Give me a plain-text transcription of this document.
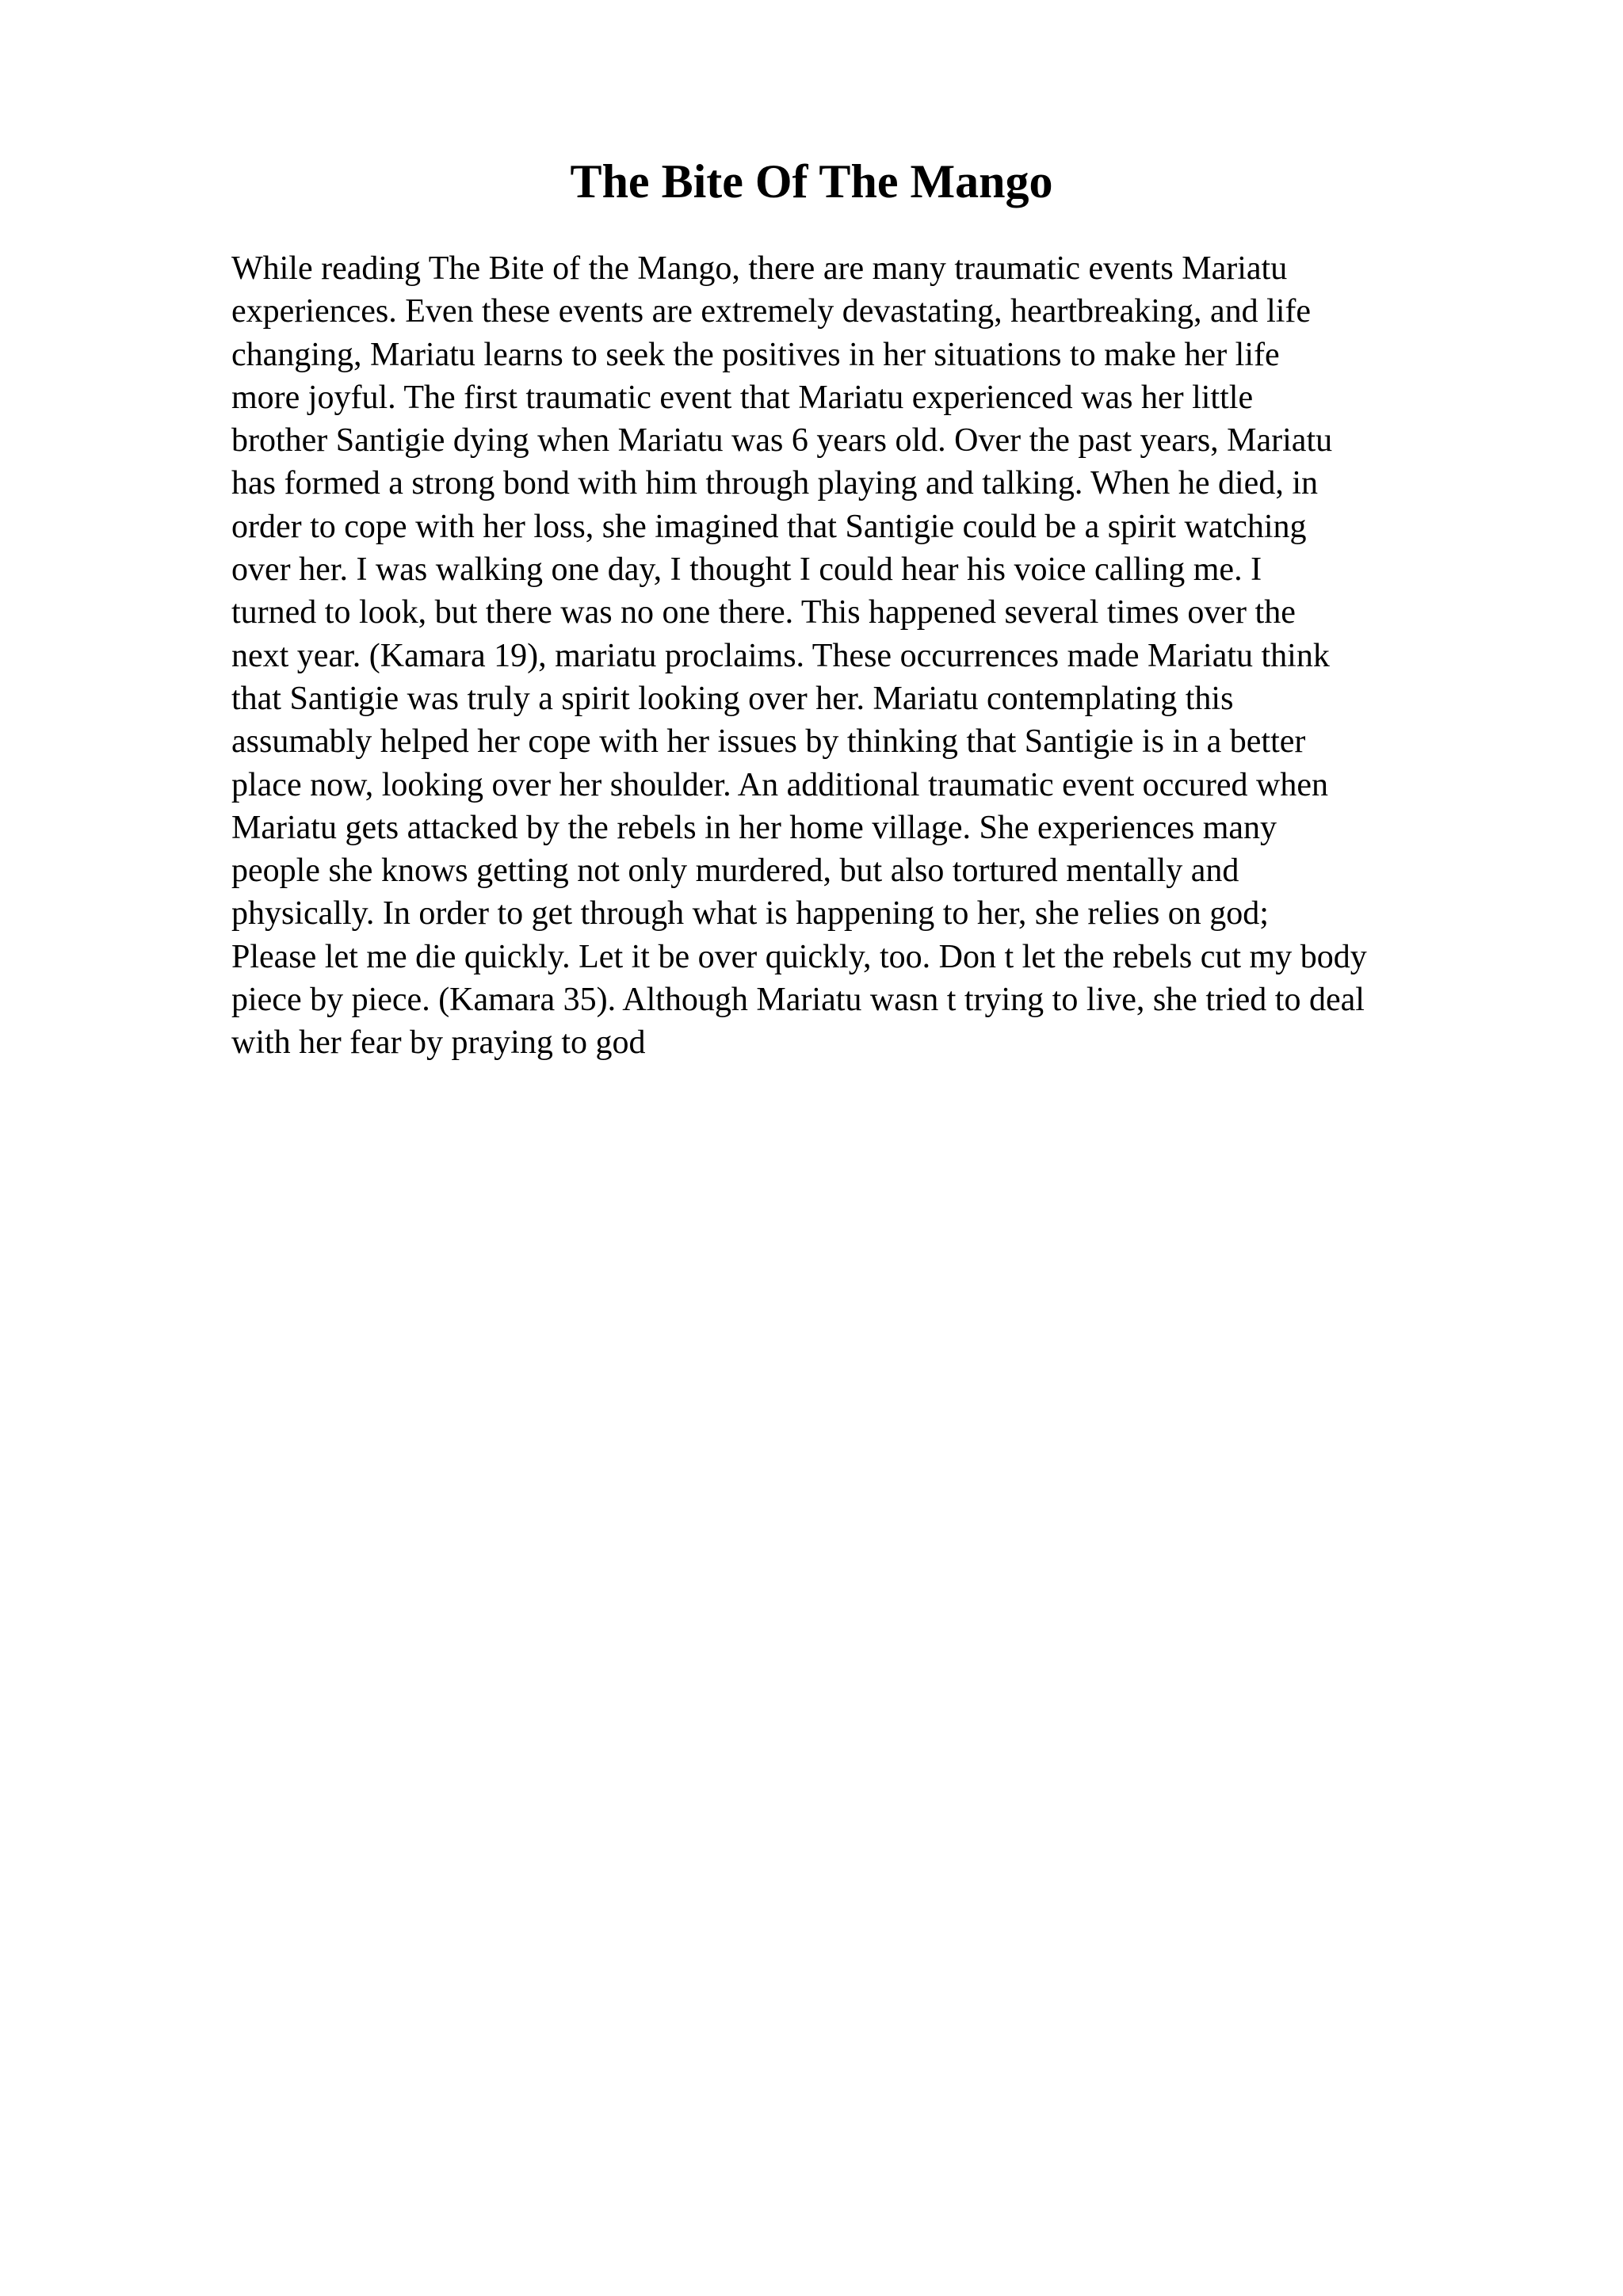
The Bite Of The Mango

While reading The Bite of the Mango, there are many traumatic events Mariatu
experiences. Even these events are extremely devastating, heartbreaking, and life
changing, Mariatu learns to seek the positives in her situations to make her life
more joyful. The first traumatic event that Mariatu experienced was her little
brother Santigie dying when Mariatu was 6 years old. Over the past years, Mariatu
has formed a strong bond with him through playing and talking. When he died, in
order to cope with her loss, she imagined that Santigie could be a spirit watching
over her. I was walking one day, I thought I could hear his voice calling me. I
turned to look, but there was no one there. This happened several times over the
next year. (Kamara 19), mariatu proclaims. These occurrences made Mariatu think
that Santigie was truly a spirit looking over her. Mariatu contemplating this
assumably helped her cope with her issues by thinking that Santigie is in a better
place now, looking over her shoulder. An additional traumatic event occured when
Mariatu gets attacked by the rebels in her home village. She experiences many
people she knows getting not only murdered, but also tortured mentally and
physically. In order to get through what is happening to her, she relies on god;
Please let me die quickly. Let it be over quickly, too. Don t let the rebels cut my body
piece by piece. (Kamara 35). Although Mariatu wasn t trying to live, she tried to deal
with her fear by praying to god
